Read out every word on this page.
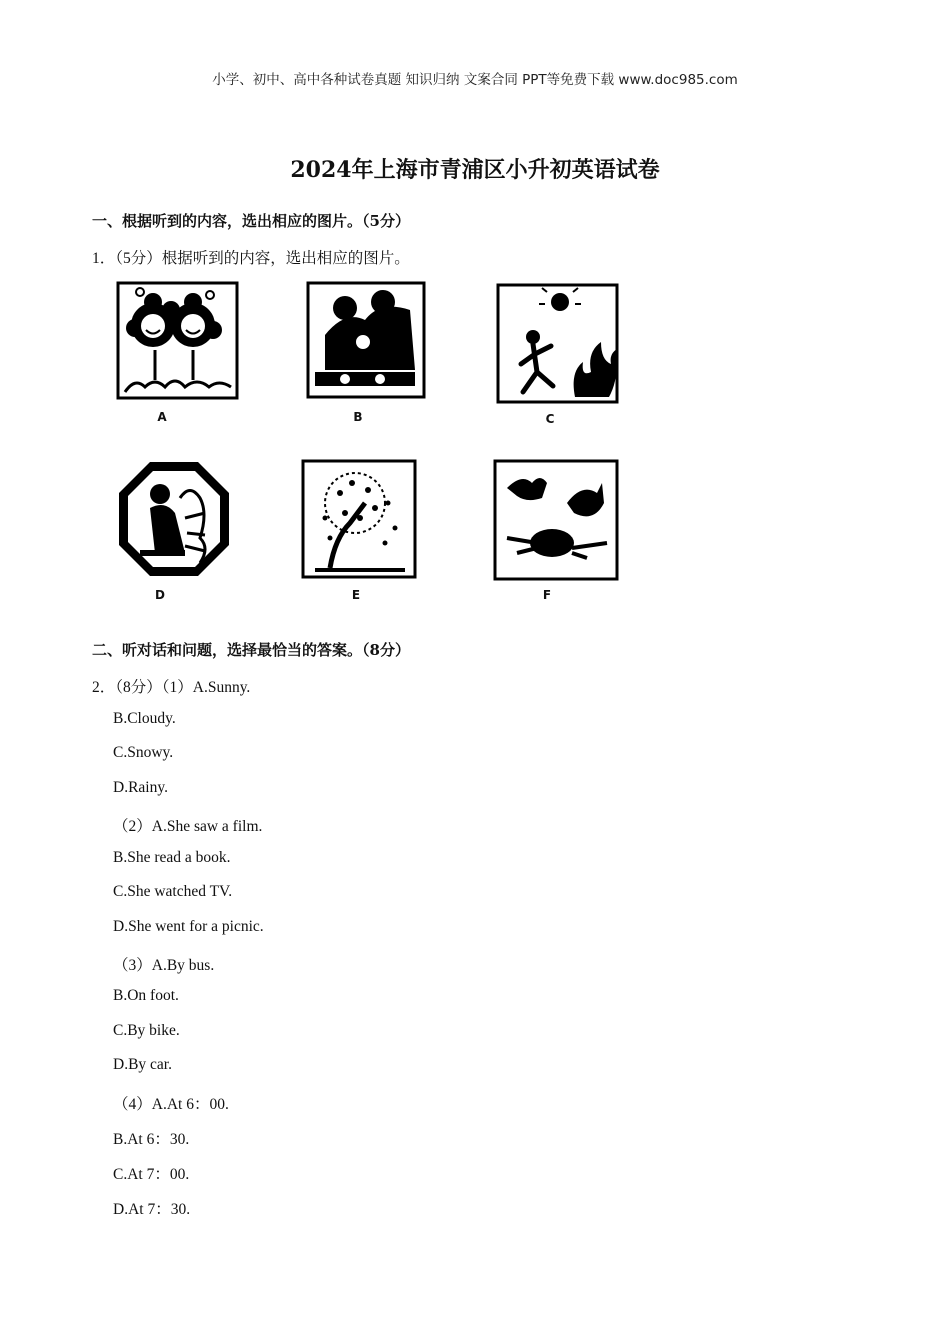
小学、初中、高中各种试卷真题 知识归纳 文案合同 PPT等免费下载 www.doc985.com
2024年上海市青浦区小升初英语试卷
一、根据听到的内容，选出相应的图片。（5分）
1．（5分）根据听到的内容，选出相应的图片。
A	B	C
D	E	F
二、听对话和问题，选择最恰当的答案。（8分）
2．（8分）（1）A.Sunny.
B.Cloudy.
C.Snowy.
D.Rainy.
（2）A.She saw a film.
B.She read a book.
C.She watched TV.
D.She went for a picnic.
（3）A.By bus.
B.On foot.
C.By bike.
D.By car.
（4）A.At 6：00.
B.At 6：30.
C.At 7：00.
D.At 7：30.
